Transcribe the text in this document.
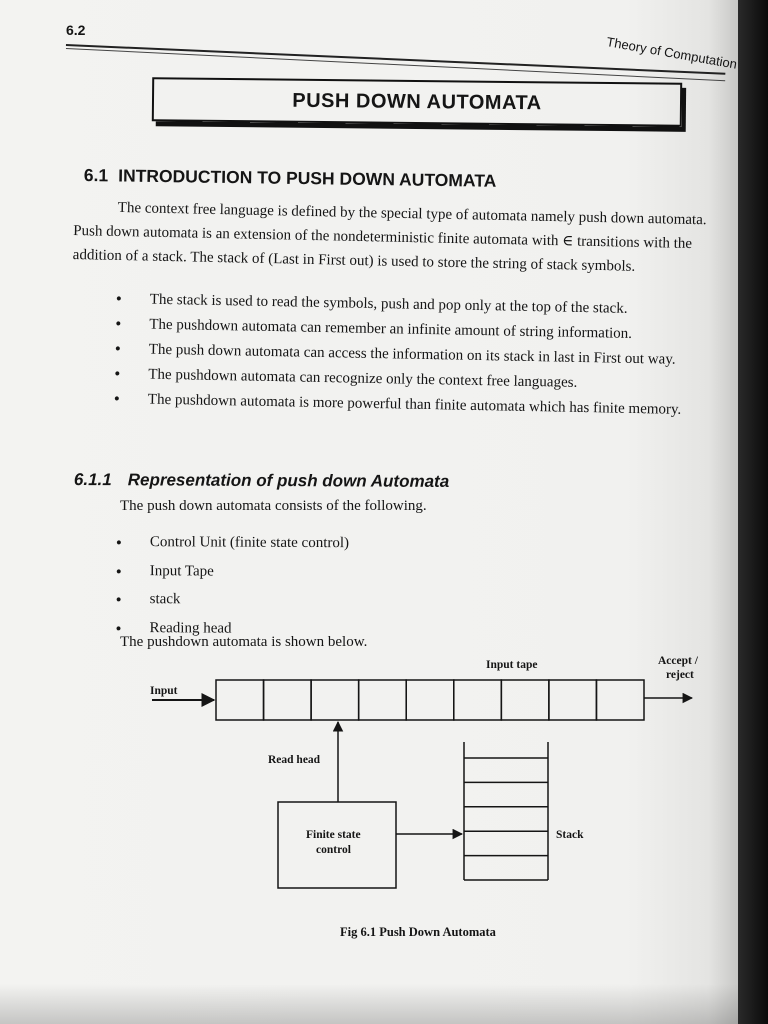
6.2
Theory of Computation
PUSH DOWN AUTOMATA
6.1 INTRODUCTION TO PUSH DOWN AUTOMATA
The context free language is defined by the special type of automata namely push down automata. Push down automata is an extension of the nondeterministic finite automata with ∈ transitions with the addition of a stack. The stack of (Last in First out) is used to store the string of stack symbols.
• The stack is used to read the symbols, push and pop only at the top of the stack.
• The pushdown automata can remember an infinite amount of string information.
• The push down automata can access the information on its stack in last in First out way.
• The pushdown automata can recognize only the context free languages.
• The pushdown automata is more powerful than finite automata which has finite memory.
6.1.1 Representation of push down Automata
The push down automata consists of the following.
• Control Unit (finite state control)
• Input Tape
• stack
• Reading head
The pushdown automata is shown below.
Input
Input tape	Accept /
reject
Read head
Finite state
control
Stack
Fig 6.1 Push Down Automata
